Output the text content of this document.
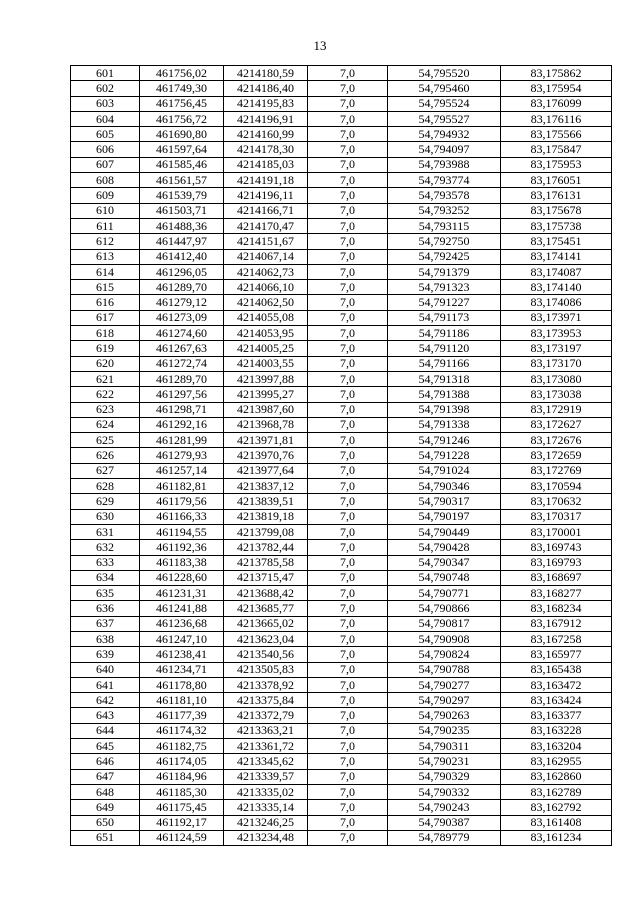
13
601	461756,02	4214180,59	7,0	54,795520	83,175862
602	461749,30	4214186,40	7,0	54,795460	83,175954
603	461756,45	4214195,83	7,0	54,795524	83,176099
604	461756,72	4214196,91	7,0	54,795527	83,176116
605	461690,80	4214160,99	7,0	54,794932	83,175566
606	461597,64	4214178,30	7,0	54,794097	83,175847
607	461585,46	4214185,03	7,0	54,793988	83,175953
608	461561,57	4214191,18	7,0	54,793774	83,176051
609	461539,79	4214196,11	7,0	54,793578	83,176131
610	461503,71	4214166,71	7,0	54,793252	83,175678
611	461488,36	4214170,47	7,0	54,793115	83,175738
612	461447,97	4214151,67	7,0	54,792750	83,175451
613	461412,40	4214067,14	7,0	54,792425	83,174141
614	461296,05	4214062,73	7,0	54,791379	83,174087
615	461289,70	4214066,10	7,0	54,791323	83,174140
616	461279,12	4214062,50	7,0	54,791227	83,174086
617	461273,09	4214055,08	7,0	54,791173	83,173971
618	461274,60	4214053,95	7,0	54,791186	83,173953
619	461267,63	4214005,25	7,0	54,791120	83,173197
620	461272,74	4214003,55	7,0	54,791166	83,173170
621	461289,70	4213997,88	7,0	54,791318	83,173080
622	461297,56	4213995,27	7,0	54,791388	83,173038
623	461298,71	4213987,60	7,0	54,791398	83,172919
624	461292,16	4213968,78	7,0	54,791338	83,172627
625	461281,99	4213971,81	7,0	54,791246	83,172676
626	461279,93	4213970,76	7,0	54,791228	83,172659
627	461257,14	4213977,64	7,0	54,791024	83,172769
628	461182,81	4213837,12	7,0	54,790346	83,170594
629	461179,56	4213839,51	7,0	54,790317	83,170632
630	461166,33	4213819,18	7,0	54,790197	83,170317
631	461194,55	4213799,08	7,0	54,790449	83,170001
632	461192,36	4213782,44	7,0	54,790428	83,169743
633	461183,38	4213785,58	7,0	54,790347	83,169793
634	461228,60	4213715,47	7,0	54,790748	83,168697
635	461231,31	4213688,42	7,0	54,790771	83,168277
636	461241,88	4213685,77	7,0	54,790866	83,168234
637	461236,68	4213665,02	7,0	54,790817	83,167912
638	461247,10	4213623,04	7,0	54,790908	83,167258
639	461238,41	4213540,56	7,0	54,790824	83,165977
640	461234,71	4213505,83	7,0	54,790788	83,165438
641	461178,80	4213378,92	7,0	54,790277	83,163472
642	461181,10	4213375,84	7,0	54,790297	83,163424
643	461177,39	4213372,79	7,0	54,790263	83,163377
644	461174,32	4213363,21	7,0	54,790235	83,163228
645	461182,75	4213361,72	7,0	54,790311	83,163204
646	461174,05	4213345,62	7,0	54,790231	83,162955
647	461184,96	4213339,57	7,0	54,790329	83,162860
648	461185,30	4213335,02	7,0	54,790332	83,162789
649	461175,45	4213335,14	7,0	54,790243	83,162792
650	461192,17	4213246,25	7,0	54,790387	83,161408
651	461124,59	4213234,48	7,0	54,789779	83,161234
